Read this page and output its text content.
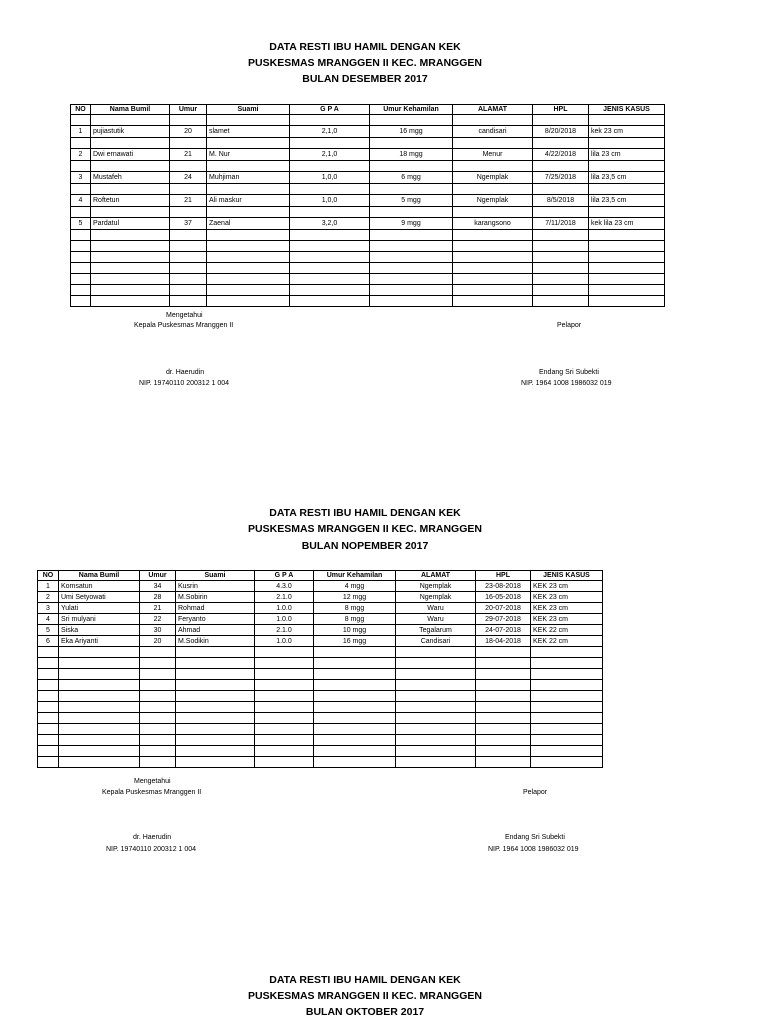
DATA RESTI IBU HAMIL DENGAN KEK
PUSKESMAS MRANGGEN II KEC. MRANGGEN
BULAN DESEMBER 2017
NO	Nama Bumil	Umur	Suami	G P A	Umur Kehamilan	ALAMAT	HPL	JENIS KASUS

1	pujiastutik	20	slamet	2,1,0	16 mgg	candisari	8/20/2018	kek 23 cm

2	Dwi ernawati	21	M. Nur	2,1,0	18 mgg	Menur	4/22/2018	lila 23 cm

3	Mustafeh	24	Muhjiman	1,0,0	6 mgg	Ngemplak	7/25/2018	lila 23,5 cm

4	Roftetun	21	Ali maskur	1,0,0	5 mgg	Ngemplak	8/5/2018	lila 23,5 cm

5	Pardatul	37	Zaenal	3,2,0	9 mgg	karangsono	7/11/2018	kek lila 23 cm

Mengetahui
Kepala Puskesmas Mranggen II	Pelapor
dr. Haerudin
NIP. 19740110 200312 1 004
Endang Sri Subekti
NIP. 1964 1008 1986032 019
DATA RESTI IBU HAMIL DENGAN KEK
PUSKESMAS MRANGGEN II KEC. MRANGGEN
BULAN NOPEMBER 2017
NO	Nama Bumil	Umur	Suami	G P A	Umur Kehamilan	ALAMAT	HPL	JENIS KASUS
1	Komsatun	34	Kusrin	4.3.0	4 mgg	Ngemplak	23-08-2018	KEK 23 cm
2	Umi Setyowati	28	M.Sobirin	2.1.0	12 mgg	Ngemplak	16-05-2018	KEK 23 cm
3	Yulati	21	Rohmad	1.0.0	8 mgg	Waru	20-07-2018	KEK 23 cm
4	Sri mulyani	22	Feryanto	1.0.0	8 mgg	Waru	29-07-2018	KEK 23 cm
5	Siska	30	Ahmad	2.1.0	10 mgg	Tegalarum	24-07-2018	KEK 22 cm
6	Eka Ariyanti	20	M.Sodikin	1.0.0	16 mgg	Candisari	18-04-2018	KEK 22 cm

Mengetahui
Kepala Puskesmas Mranggen II	Pelapor
dr. Haerudin
NIP. 19740110 200312 1 004
Endang Sri Subekti
NIP. 1964 1008 1986032 019
DATA RESTI IBU HAMIL DENGAN KEK
PUSKESMAS MRANGGEN II KEC. MRANGGEN
BULAN OKTOBER 2017
